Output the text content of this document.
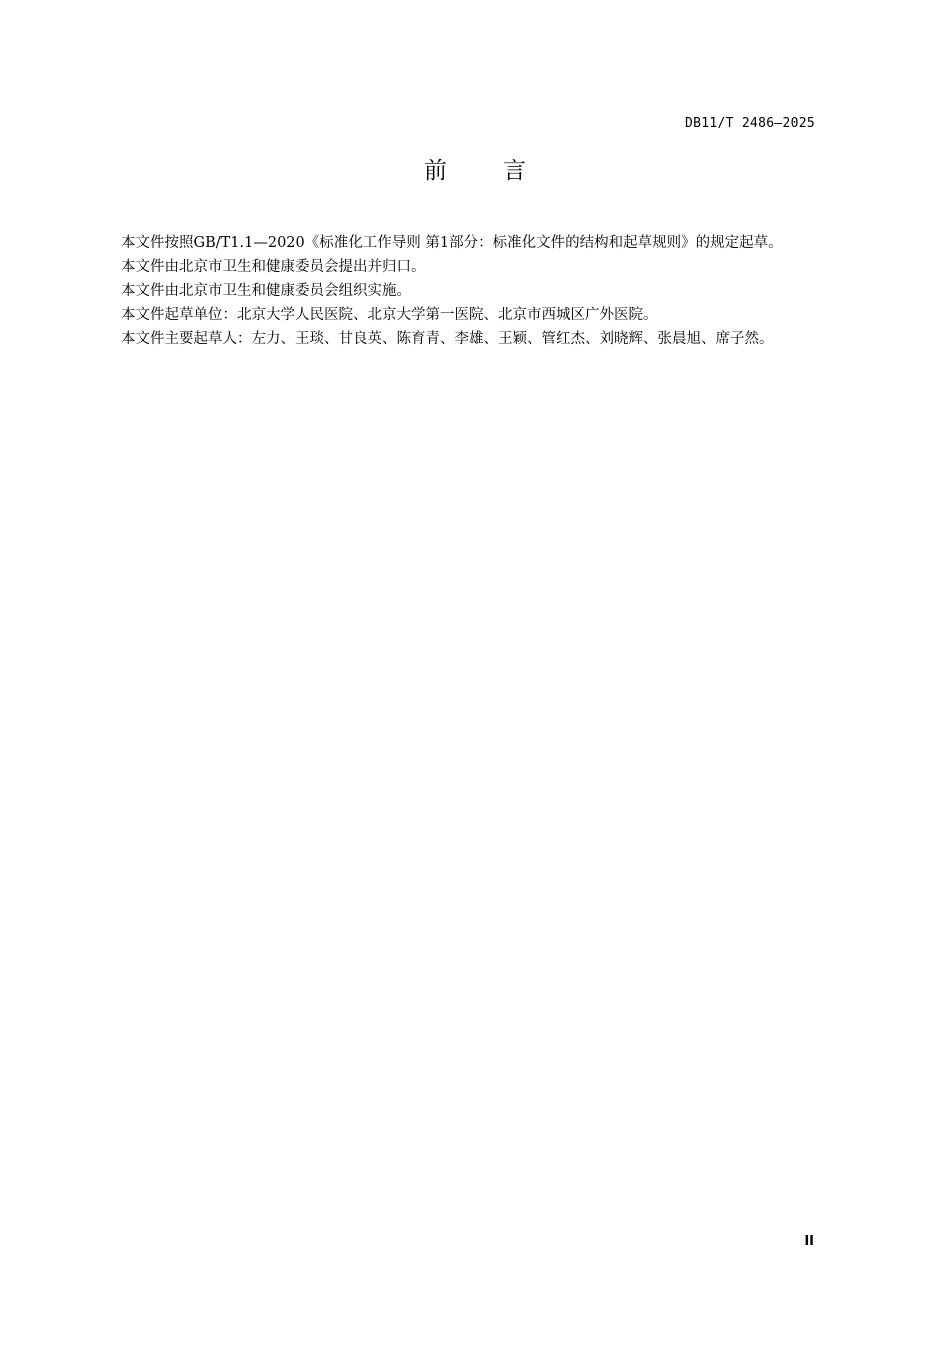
DB11/T 2486—2025

前言

本文件按照GB/T1.1—2020《标准化工作导则 第1部分：标准化文件的结构和起草规则》的规定起草。

本文件由北京市卫生和健康委员会提出并归口。

本文件由北京市卫生和健康委员会组织实施。

本文件起草单位：北京大学人民医院、北京大学第一医院、北京市西城区广外医院。

本文件主要起草人：左力、王琰、甘良英、陈育青、李雄、王颖、管红杰、刘晓辉、张晨旭、席子然。

II
